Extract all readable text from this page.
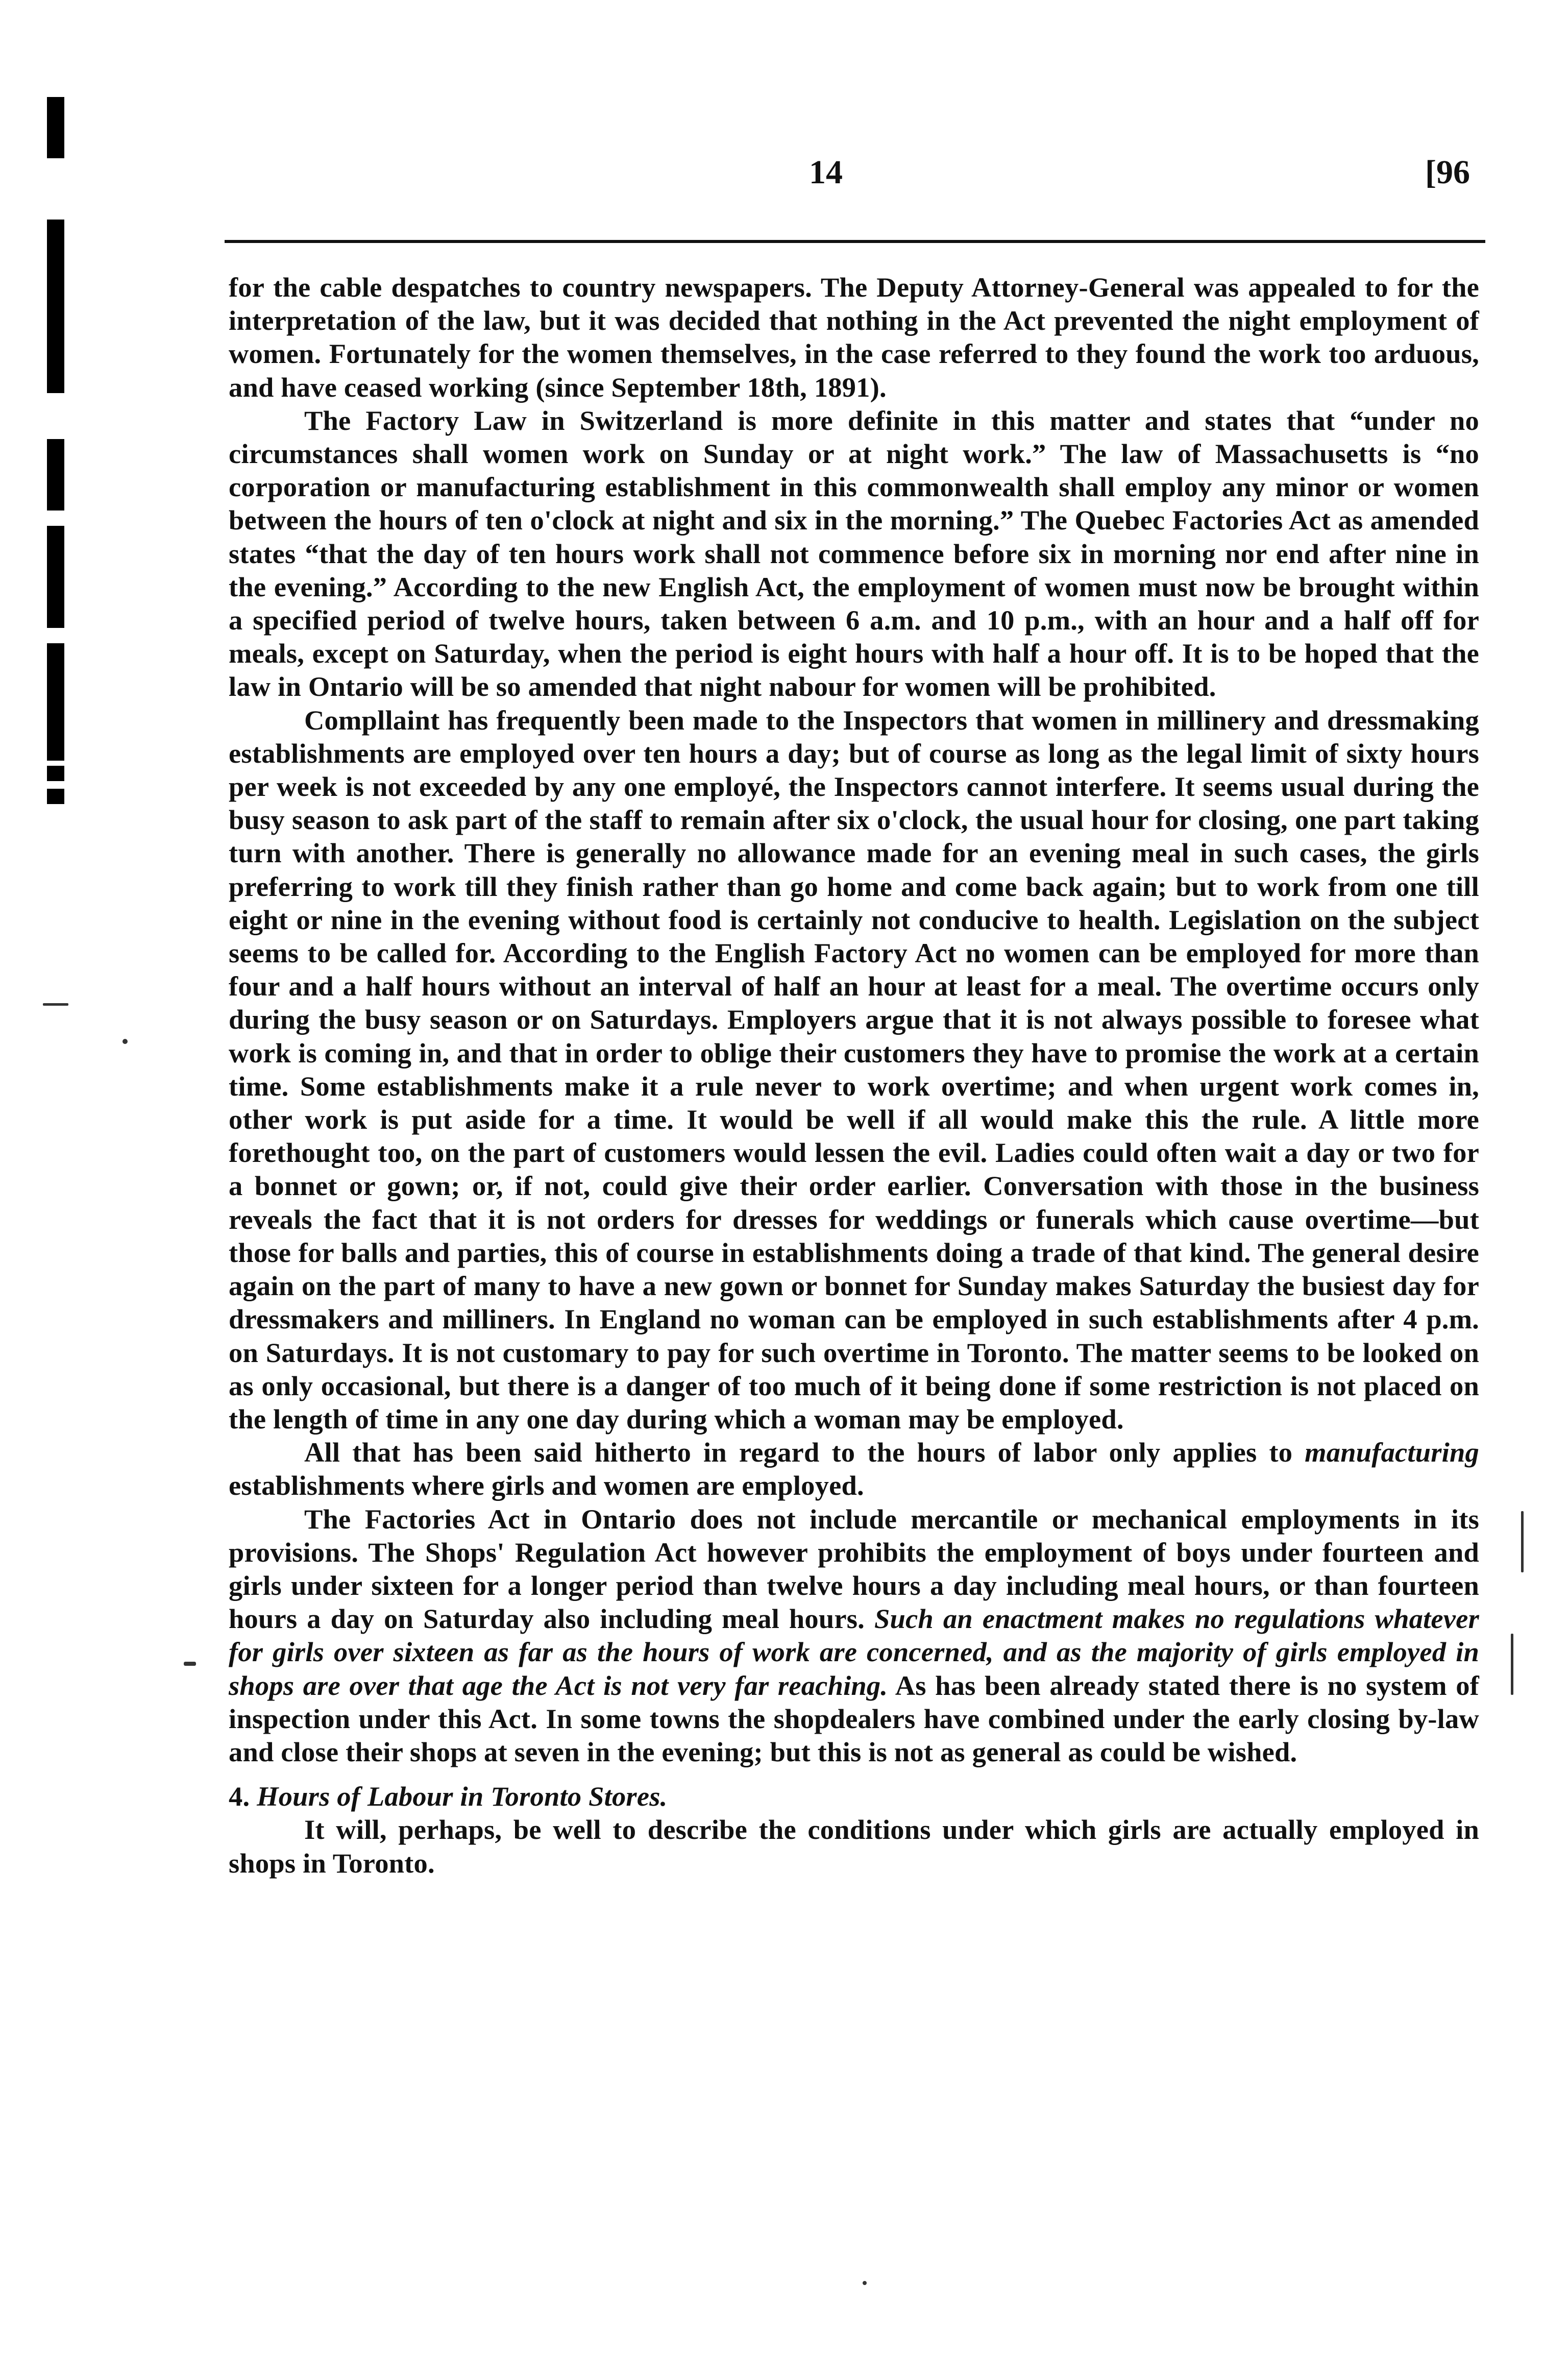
14	[96

for the cable despatches to country newspapers. The Deputy Attorney-General was appealed to for the interpretation of the law, but it was decided that nothing in the Act prevented the night employment of women. Fortunately for the women themselves, in the case referred to they found the work too arduous, and have ceased working (since September 18th, 1891).

The Factory Law in Switzerland is more definite in this matter and states that “under no circumstances shall women work on Sunday or at night work.” The law of Massachusetts is “no corporation or manufacturing establishment in this commonwealth shall employ any minor or women between the hours of ten o'clock at night and six in the morning.” The Quebec Factories Act as amended states “that the day of ten hours work shall not commence before six in morning nor end after nine in the evening.” According to the new English Act, the employment of women must now be brought within a specified period of twelve hours, taken between 6 a.m. and 10 p.m., with an hour and a half off for meals, except on Saturday, when the period is eight hours with half a hour off. It is to be hoped that the law in Ontario will be so amended that night nabour for women will be prohibited.

Compllaint has frequently been made to the Inspectors that women in millinery and dressmaking establishments are employed over ten hours a day; but of course as long as the legal limit of sixty hours per week is not exceeded by any one employé, the Inspectors cannot interfere. It seems usual during the busy season to ask part of the staff to remain after six o'clock, the usual hour for closing, one part taking turn with another. There is generally no allowance made for an evening meal in such cases, the girls preferring to work till they finish rather than go home and come back again; but to work from one till eight or nine in the evening without food is certainly not conducive to health. Legislation on the subject seems to be called for. According to the English Factory Act no women can be employed for more than four and a half hours without an interval of half an hour at least for a meal. The overtime occurs only during the busy season or on Saturdays. Employers argue that it is not always possible to foresee what work is coming in, and that in order to oblige their customers they have to promise the work at a certain time. Some establishments make it a rule never to work overtime; and when urgent work comes in, other work is put aside for a time. It would be well if all would make this the rule. A little more forethought too, on the part of customers would lessen the evil. Ladies could often wait a day or two for a bonnet or gown; or, if not, could give their order earlier. Conversation with those in the business reveals the fact that it is not orders for dresses for weddings or funerals which cause overtime—but those for balls and parties, this of course in establishments doing a trade of that kind. The general desire again on the part of many to have a new gown or bonnet for Sunday makes Saturday the busiest day for dressmakers and milliners. In England no woman can be employed in such establishments after 4 p.m. on Saturdays. It is not customary to pay for such overtime in Toronto. The matter seems to be looked on as only occasional, but there is a danger of too much of it being done if some restriction is not placed on the length of time in any one day during which a woman may be employed.

All that has been said hitherto in regard to the hours of labor only applies to manufacturing establishments where girls and women are employed.

The Factories Act in Ontario does not include mercantile or mechanical employments in its provisions. The Shops' Regulation Act however prohibits the employment of boys under fourteen and girls under sixteen for a longer period than twelve hours a day including meal hours, or than fourteen hours a day on Saturday also including meal hours. Such an enactment makes no regulations whatever for girls over sixteen as far as the hours of work are concerned, and as the majority of girls employed in shops are over that age the Act is not very far reaching. As has been already stated there is no system of inspection under this Act. In some towns the shopdealers have combined under the early closing by-law and close their shops at seven in the evening; but this is not as general as could be wished.

4. Hours of Labour in Toronto Stores.

It will, perhaps, be well to describe the conditions under which girls are actually employed in shops in Toronto.
